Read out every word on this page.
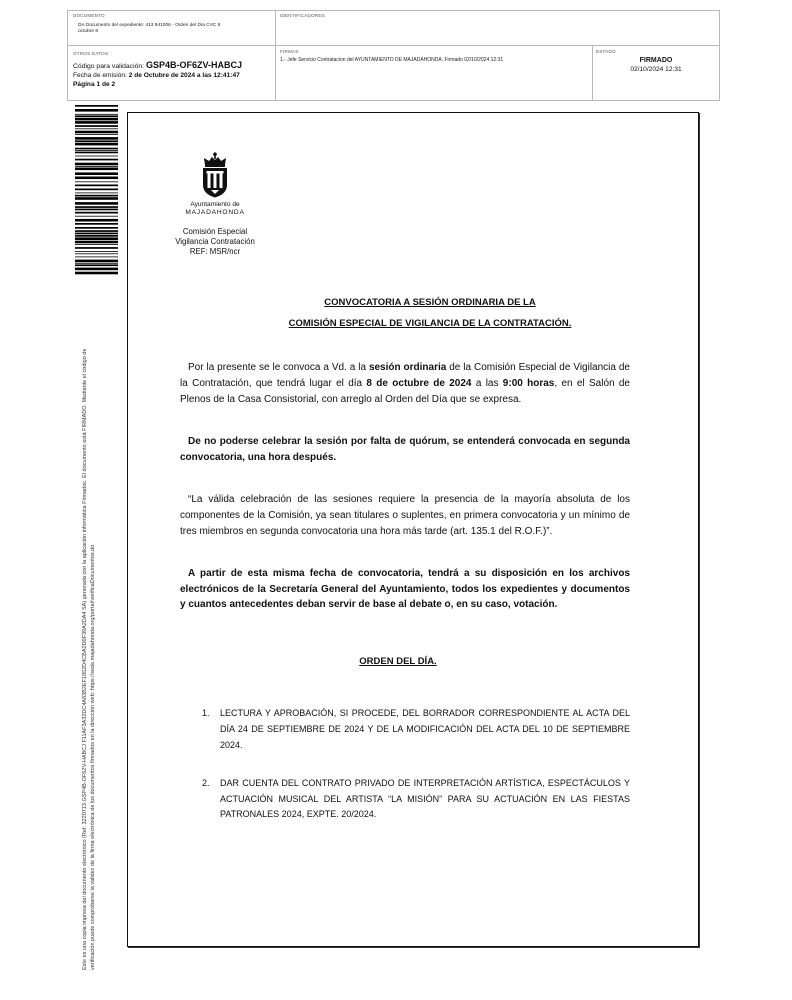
DOCUMENTO
DA Documento del expediente: 413 941006 - Orden del Día CVC 8
octubre 8
IDENTIFICADORES
OTROS DATOS
Código para validación: GSP4B-OF6ZV-HABCJ
Fecha de emisión: 2 de Octubre de 2024 a las 12:41:47
Página 1 de 2
FIRMAS
1.- Jefe Servicio Contratacion del AYUNTAMIENTO DE MAJADAHONDA. Firmado 02/10/2024 12:31
ESTADO
FIRMADO
02/10/2024 12:31
Este es una copia impresa del documento electrónico (Ref: 3220713 GSP4B-OF6ZV-HABCJ F11AF3A32DC4A83B2EF1852D4CBA2D0F39A2DA4 SA) generada con la aplicación informática Firmadoc. El documento está FIRMADO. Mediante el código de verificación puede comprobarse la validez de la firma electrónica de los documentos firmados en la dirección web: https://sede.majadahonda.org/portal/verificaDocumentos.do
Ayuntamiento de
MAJADAHONDA
Comisión Especial
Vigilancia Contratación
REF: MSR/ncr
CONVOCATORIA A SESIÓN ORDINARIA DE LA
COMISIÓN ESPECIAL DE VIGILANCIA DE LA CONTRATACIÓN.
Por la presente se le convoca a Vd. a la sesión ordinaria de la Comisión Especial de Vigilancia de la Contratación, que tendrá lugar el día 8 de octubre de 2024 a las 9:00 horas, en el Salón de Plenos de la Casa Consistorial, con arreglo al Orden del Día que se expresa.
De no poderse celebrar la sesión por falta de quórum, se entenderá convocada en segunda convocatoria, una hora después.
“La válida celebración de las sesiones requiere la presencia de la mayoría absoluta de los componentes de la Comisión, ya sean titulares o suplentes, en primera convocatoria y un mínimo de tres miembros en segunda convocatoria una hora más tarde (art. 135.1 del R.O.F.)”.
A partir de esta misma fecha de convocatoria, tendrá a su disposición en los archivos electrónicos de la Secretaría General del Ayuntamiento, todos los expedientes y documentos y cuantos antecedentes deban servir de base al debate o, en su caso, votación.
ORDEN DEL DÍA.
1. LECTURA Y APROBACIÓN, SI PROCEDE, DEL BORRADOR CORRESPONDIENTE AL ACTA DEL DÍA 24 DE SEPTIEMBRE DE 2024 Y DE LA MODIFICACIÓN DEL ACTA DEL 10 DE SEPTIEMBRE 2024.
2. DAR CUENTA DEL CONTRATO PRIVADO DE INTERPRETACIÓN ARTÍSTICA, ESPECTÁCULOS Y ACTUACIÓN MUSICAL DEL ARTISTA “LA MISIÓN” PARA SU ACTUACIÓN EN LAS FIESTAS PATRONALES 2024, EXPTE. 20/2024.
